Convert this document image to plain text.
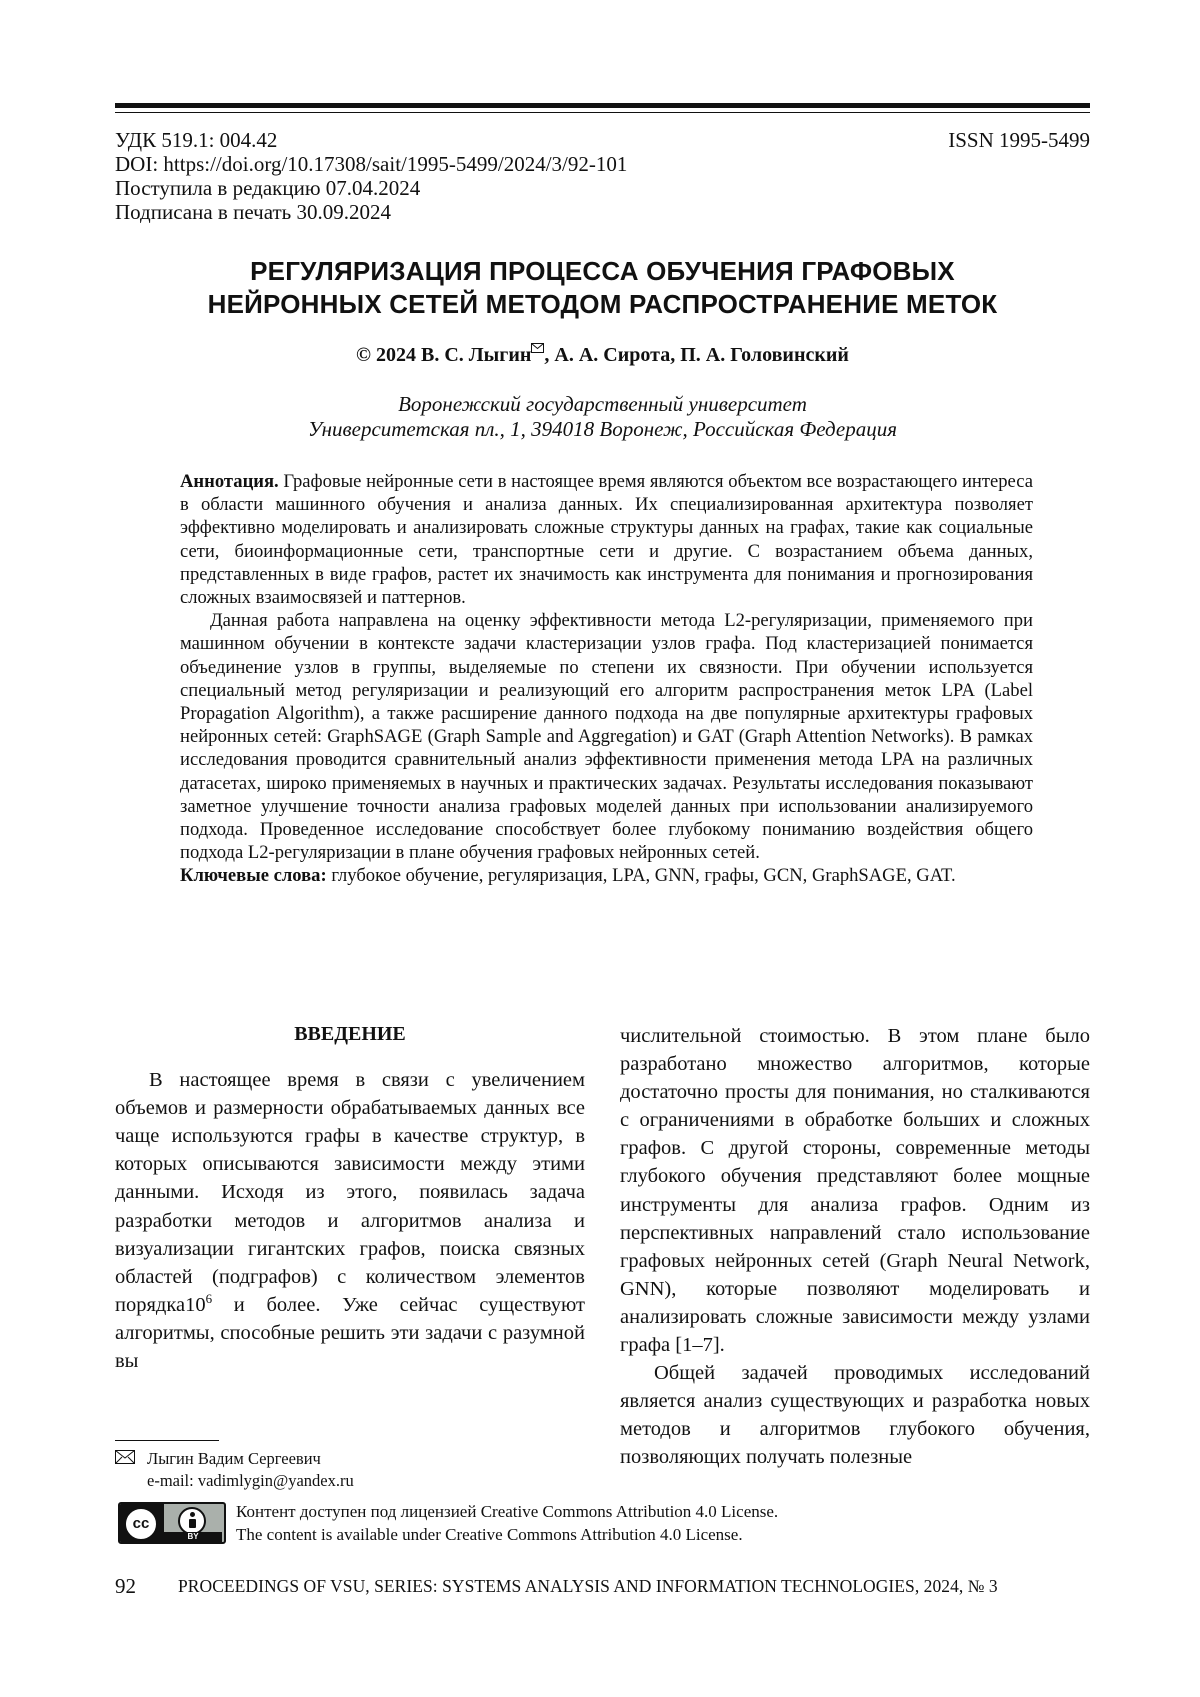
УДК 519.1: 004.42
DOI: https://doi.org/10.17308/sait/1995-5499/2024/3/92-101
Поступила в редакцию 07.04.2024
Подписана в печать 30.09.2024
ISSN 1995-5499
РЕГУЛЯРИЗАЦИЯ ПРОЦЕССА ОБУЧЕНИЯ ГРАФОВЫХ
НЕЙРОННЫХ СЕТЕЙ МЕТОДОМ РАСПРОСТРАНЕНИЕ МЕТОК
© 2024 В. С. Лыгин , А. А. Сирота, П. А. Головинский
Воронежский государственный университет
Университетская пл., 1, 394018 Воронеж, Российская Федерация

Аннотация. Графовые нейронные сети в настоящее время являются объектом все возрастающего интереса в области машинного обучения и анализа данных. Их специализированная архитектура позволяет эффективно моделировать и анализировать сложные структуры данных на графах, такие как социальные сети, биоинформационные сети, транспортные сети и другие. С возрастанием объема данных, представленных в виде графов, растет их значимость как инструмента для понимания и прогнозирования сложных взаимосвязей и паттернов.

Данная работа направлена на оценку эффективности метода L2-регуляризации, применяемого при машинном обучении в контексте задачи кластеризации узлов графа. Под кластеризацией понимается объединение узлов в группы, выделяемые по степени их связности. При обучении используется специальный метод регуляризации и реализующий его алгоритм распространения меток LPA (Label Propagation Algorithm), а также расширение данного подхода на две популярные архитектуры графовых нейронных сетей: GraphSAGE (Graph Sample and Aggregation) и GAT (Graph Attention Networks). В рамках исследования проводится сравнительный анализ эффективности применения метода LPA на различных датасетах, широко применяемых в научных и практических задачах. Результаты исследования показывают заметное улучшение точности анализа графовых моделей данных при использовании анализируемого подхода. Проведенное исследование способствует более глубокому пониманию воздействия общего подхода L2-регуляризации в плане обучения графовых нейронных сетей.

Ключевые слова: глубокое обучение, регуляризация, LPA, GNN, графы, GCN, GraphSAGE, GAT.

ВВЕДЕНИЕ

В настоящее время в связи с увеличением объемов и размерности обрабатываемых данных все чаще используются графы в качестве структур, в которых описываются зависимости между этими данными. Исходя из этого, появилась задача разработки методов и алгоритмов анализа и визуализации гигантских графов, поиска связных областей (подграфов) с количеством элементов $порядка10^6$ и более. Уже сейчас существуют алгоритмы, способные решить эти задачи с разумной вы

числительной стоимостью. В этом плане было разработано множество алгоритмов, которые достаточно просты для понимания, но сталкиваются с ограничениями в обработке больших и сложных графов. С другой стороны, современные методы глубокого обучения представляют более мощные инструменты для анализа графов. Одним из перспективных направлений стало использование графовых нейронных сетей (Graph Neural Network, GNN), которые позволяют моделировать и анализировать сложные зависимости между узлами графа [1–7].

Общей задачей проводимых исследований является анализ существующих и разработка новых методов и алгоритмов глубокого обучения, позволяющих получать полезные

Лыгин Вадим Сергеевич
e-mail: vadimlygin@yandex.ru
cc
BY
Контент доступен под лицензией Creative Commons Attribution 4.0 License.
The content is available under Creative Commons Attribution 4.0 License.
92 PROCEEDINGS OF VSU, SERIES: SYSTEMS ANALYSIS AND INFORMATION TECHNOLOGIES, 2024, № 3
